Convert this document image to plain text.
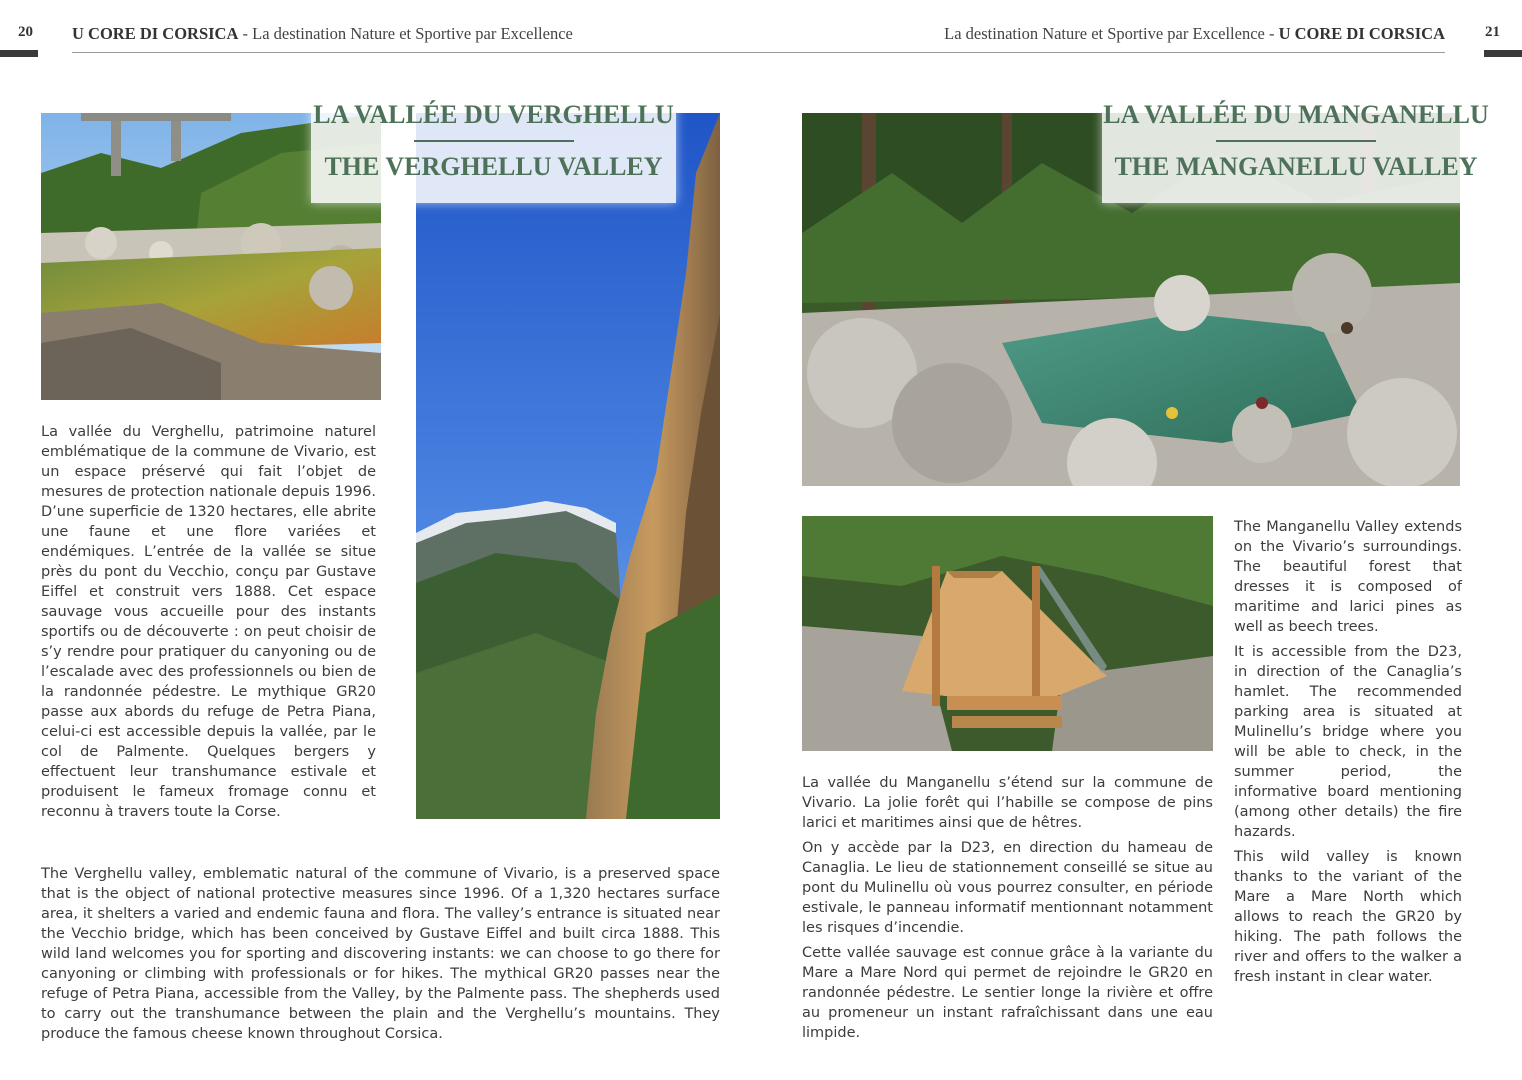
20 U CORE DI CORSICA - La destination Nature et Sportive par Excellence
LA VALLÉE DU VERGHELLU
THE VERGHELLU VALLEY
La vallée du Verghellu, patrimoine naturel emblématique de la commune de Vivario, est un espace préservé qui fait l’objet de mesures de protection nationale depuis 1996. D’une superficie de 1320 hectares, elle abrite une faune et une flore variées et endémiques. L’entrée de la vallée se situe près du pont du Vecchio, conçu par Gustave Eiffel et construit vers 1888. Cet espace sauvage vous accueille pour des instants sportifs ou de découverte : on peut choisir de s’y rendre pour pratiquer du canyoning ou de l’escalade avec des professionnels ou bien de la randonnée pédestre. Le mythique GR20 passe aux abords du refuge de Petra Piana, celui-ci est accessible depuis la vallée, par le col de Palmente. Quelques bergers y effectuent leur transhumance estivale et produisent le fameux fromage connu et reconnu à travers toute la Corse.
The Verghellu valley, emblematic natural of the commune of Vivario, is a preserved space that is the object of national protective measures since 1996. Of a 1,320 hectares surface area, it shelters a varied and endemic fauna and flora. The valley’s entrance is situated near the Vecchio bridge, which has been conceived by Gustave Eiffel and built circa 1888. This wild land welcomes you for sporting and discovering instants: we can choose to go there for canyoning or climbing with professionals or for hikes. The mythical GR20 passes near the refuge of Petra Piana, accessible from the Valley, by the Palmente pass. The shepherds used to carry out the transhumance between the plain and the Verghellu’s mountains. They produce the famous cheese known throughout Corsica.
La destination Nature et Sportive par Excellence - U CORE DI CORSICA	21
LA VALLÉE DU MANGANELLU
THE MANGANELLU VALLEY

La vallée du Manganellu s’étend sur la commune de Vivario. La jolie forêt qui l’habille se compose de pins larici et maritimes ainsi que de hêtres.

On y accède par la D23, en direction du hameau de Canaglia. Le lieu de stationnement conseillé se situe au pont du Mulinellu où vous pourrez consulter, en période estivale, le panneau informatif mentionnant notamment les risques d’incendie.

Cette vallée sauvage est connue grâce à la variante du Mare a Mare Nord qui permet de rejoindre le GR20 en randonnée pédestre. Le sentier longe la rivière et offre au promeneur un instant rafraîchissant dans une eau limpide.

The Manganellu Valley extends on the Vivario’s surroundings. The beautiful forest that dresses it is composed of maritime and larici pines as well as beech trees.

It is accessible from the D23, in direction of the Canaglia’s hamlet. The recommended parking area is situated at Mulinellu’s bridge where you will be able to check, in the summer period, the informative board mentioning (among other details) the fire hazards.

This wild valley is known thanks to the variant of the Mare a Mare North which allows to reach the GR20 by hiking. The path follows the river and offers to the walker a fresh instant in clear water.
